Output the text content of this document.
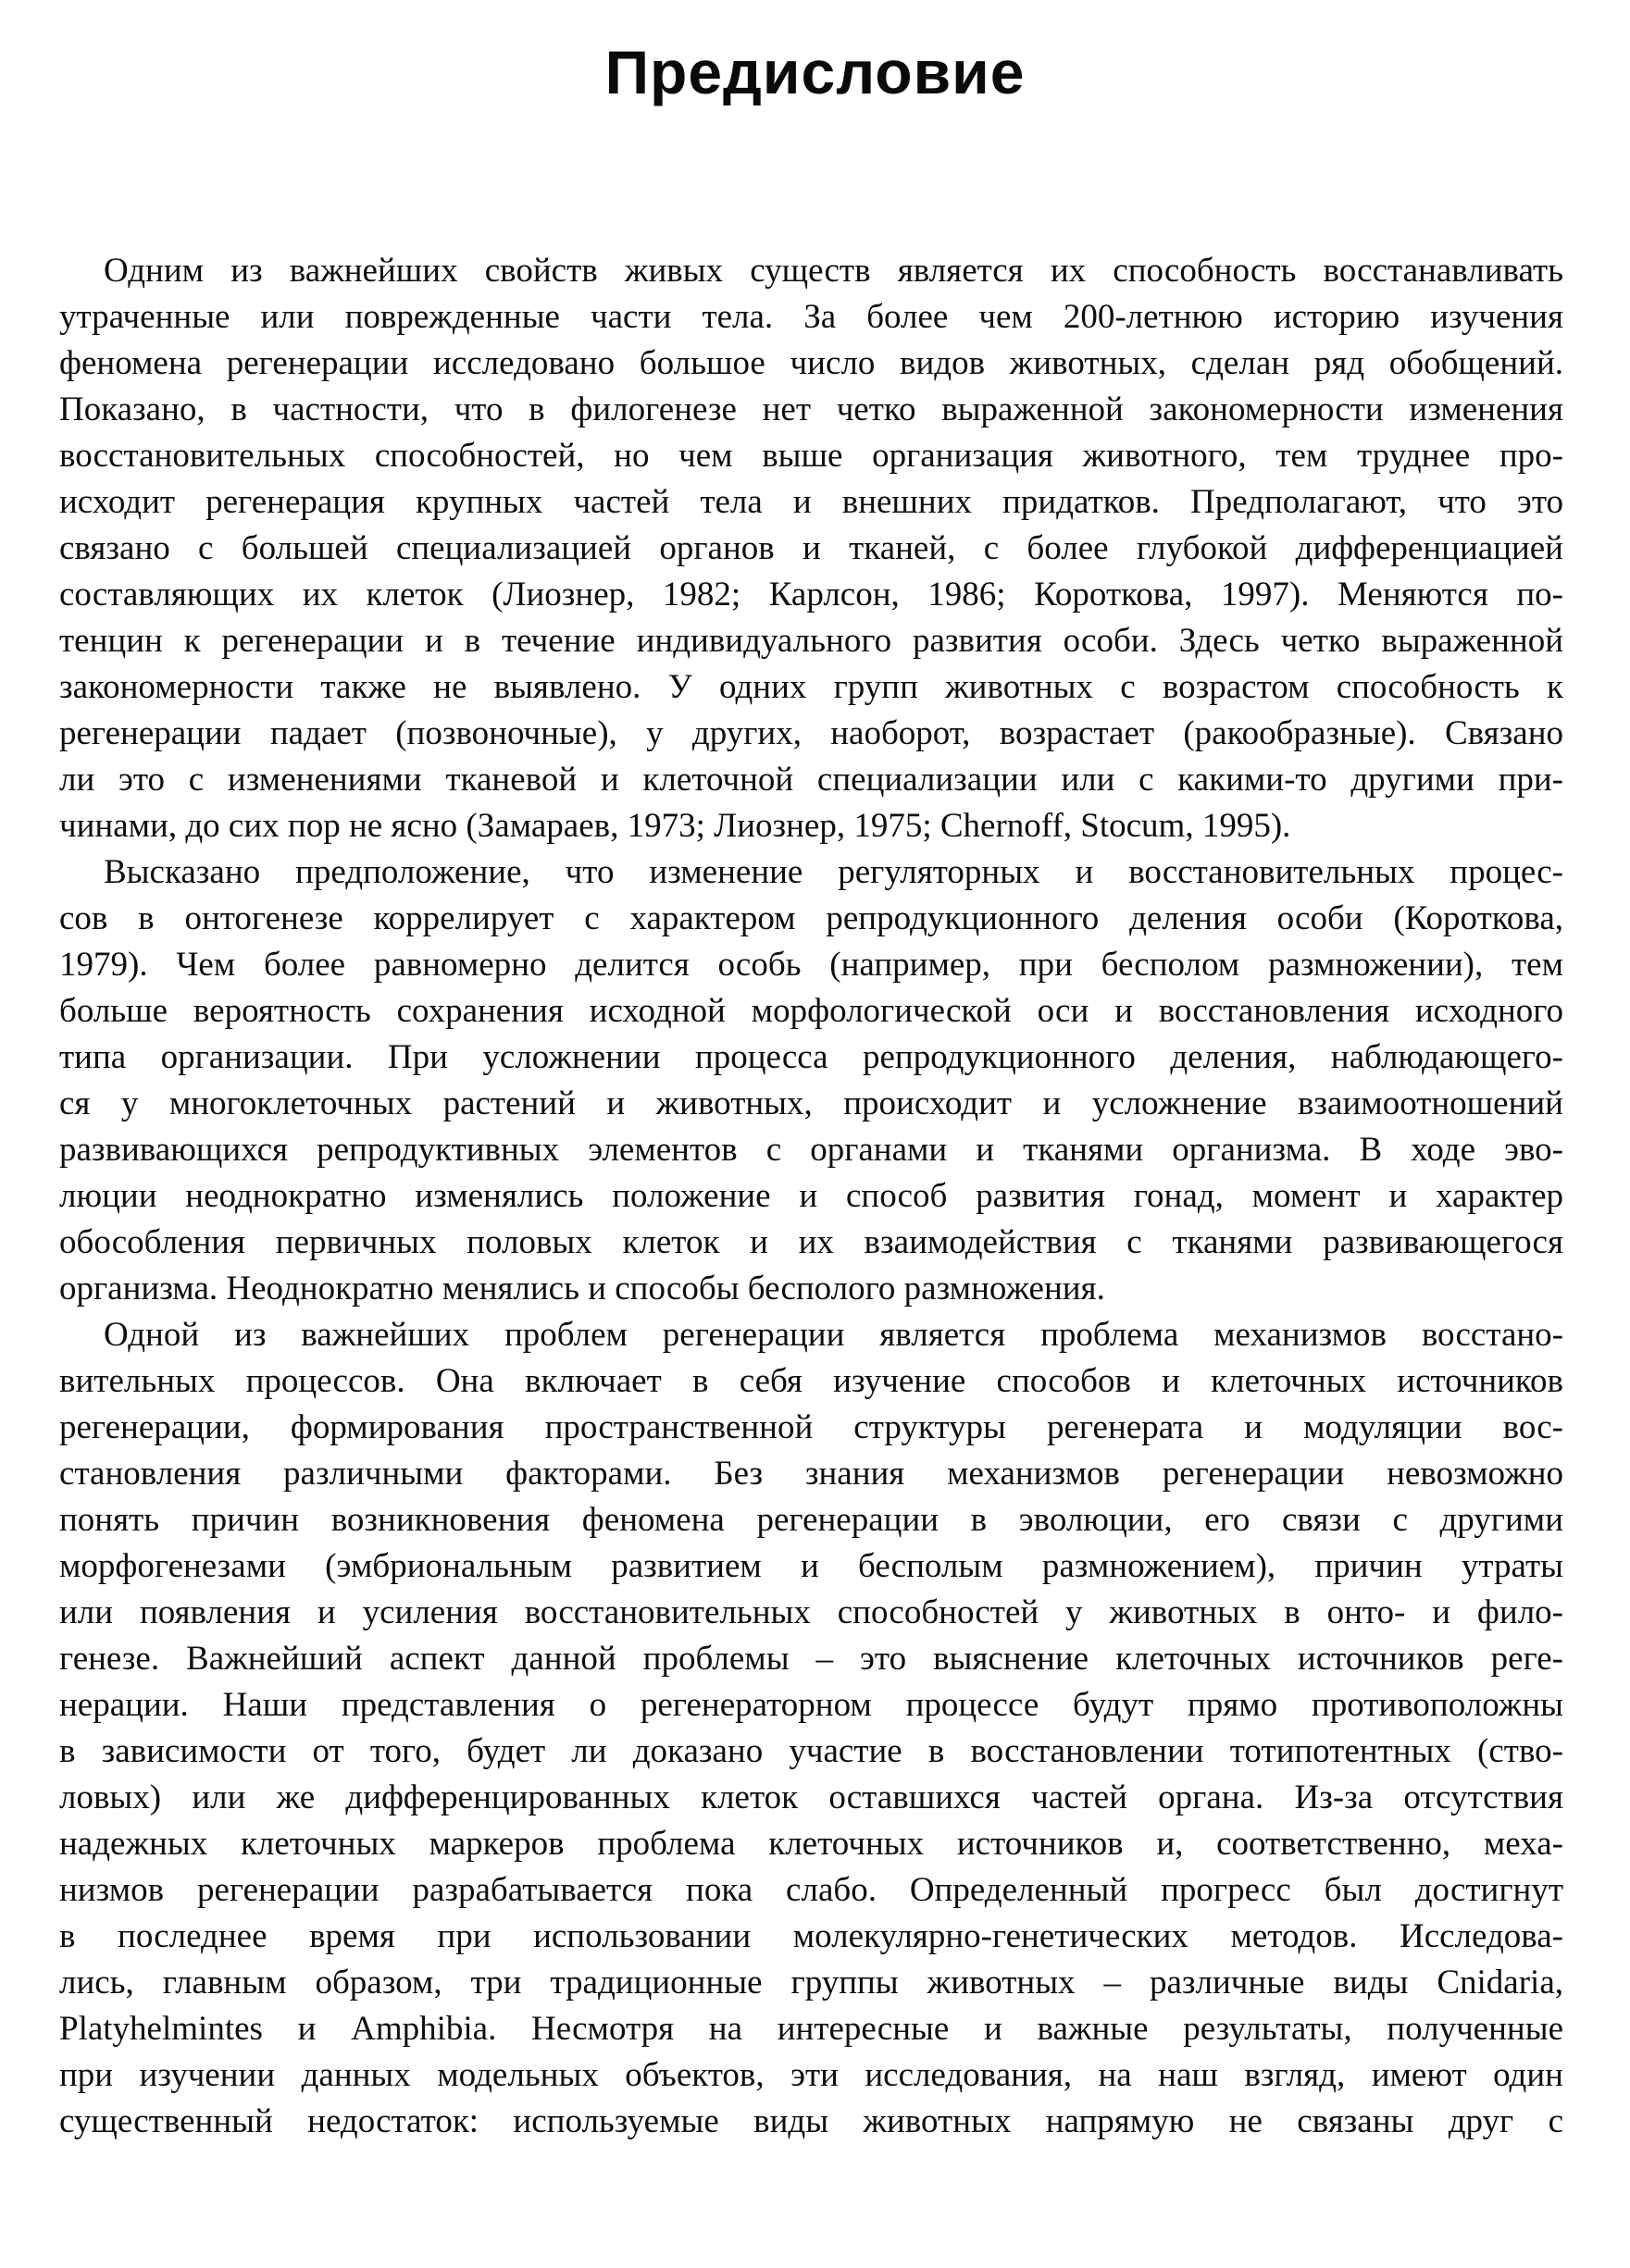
Предисловие
Одним из важнейших свойств живых существ является их способность восстанавливать
утраченные или поврежденные части тела. За более чем 200-летнюю историю изучения
феномена регенерации исследовано большое число видов животных, сделан ряд обобщений.
Показано, в частности, что в филогенезе нет четко выраженной закономерности изменения
восстановительных способностей, но чем выше организация животного, тем труднее про-
исходит регенерация крупных частей тела и внешних придатков. Предполагают, что это
связано с большей специализацией органов и тканей, с более глубокой дифференциацией
составляющих их клеток (Лиознер, 1982; Карлсон, 1986; Короткова, 1997). Меняются по-
тенцин к регенерации и в течение индивидуального развития особи. Здесь четко выраженной
закономерности также не выявлено. У одних групп животных с возрастом способность к
регенерации падает (позвоночные), у других, наоборот, возрастает (ракообразные). Связано
ли это с изменениями тканевой и клеточной специализации или с какими-то другими при-
чинами, до сих пор не ясно (Замараев, 1973; Лиознер, 1975; Chernoff, Stocum, 1995).
Высказано предположение, что изменение регуляторных и восстановительных процес-
сов в онтогенезе коррелирует с характером репродукционного деления особи (Короткова,
1979). Чем более равномерно делится особь (например, при бесполом размножении), тем
больше вероятность сохранения исходной морфологической оси и восстановления исходного
типа организации. При усложнении процесса репродукционного деления, наблюдающего-
ся у многоклеточных растений и животных, происходит и усложнение взаимоотношений
развивающихся репродуктивных элементов с органами и тканями организма. В ходе эво-
люции неоднократно изменялись положение и способ развития гонад, момент и характер
обособления первичных половых клеток и их взаимодействия с тканями развивающегося
организма. Неоднократно менялись и способы бесполого размножения.
Одной из важнейших проблем регенерации является проблема механизмов восстано-
вительных процессов. Она включает в себя изучение способов и клеточных источников
регенерации, формирования пространственной структуры регенерата и модуляции вос-
становления различными факторами. Без знания механизмов регенерации невозможно
понять причин возникновения феномена регенерации в эволюции, его связи с другими
морфогенезами (эмбриональным развитием и бесполым размножением), причин утраты
или появления и усиления восстановительных способностей у животных в онто- и фило-
генезе. Важнейший аспект данной проблемы – это выяснение клеточных источников реге-
нерации. Наши представления о регенераторном процессе будут прямо противоположны
в зависимости от того, будет ли доказано участие в восстановлении тотипотентных (ство-
ловых) или же дифференцированных клеток оставшихся частей органа. Из-за отсутствия
надежных клеточных маркеров проблема клеточных источников и, соответственно, меха-
низмов регенерации разрабатывается пока слабо. Определенный прогресс был достигнут
в последнее время при использовании молекулярно-генетических методов. Исследова-
лись, главным образом, три традиционные группы животных – различные виды Cnidaria,
Platyhelmintes и Amphibia. Несмотря на интересные и важные результаты, полученные
при изучении данных модельных объектов, эти исследования, на наш взгляд, имеют один
существенный недостаток: используемые виды животных напрямую не связаны друг с
